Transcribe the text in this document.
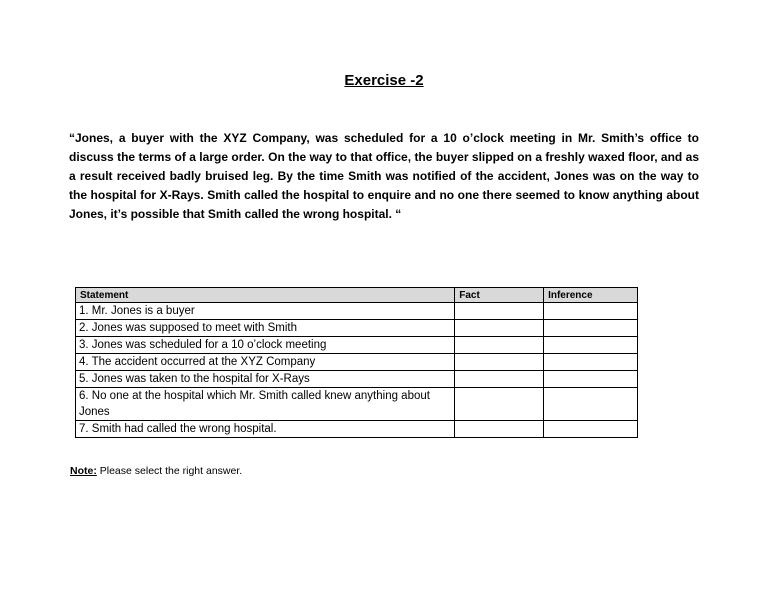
Exercise -2
“Jones, a buyer with the XYZ Company, was scheduled for a 10 o’clock meeting in Mr. Smith’s office to discuss the terms of a large order. On the way to that office, the buyer slipped on a freshly waxed floor, and as a result received badly bruised leg. By the time Smith was notified of the accident, Jones was on the way to the hospital for X-Rays. Smith called the hospital to enquire and no one there seemed to know anything about Jones, it’s possible that Smith called the wrong hospital. “
Statement	Fact	Inference
1. Mr. Jones is a buyer		
2. Jones was supposed to meet with Smith		
3. Jones was scheduled for a 10 o’clock meeting		
4. The accident occurred at the XYZ Company		
5. Jones was taken to the hospital for X-Rays		
6. No one at the hospital which Mr. Smith called knew anything about Jones		
7. Smith had called the wrong hospital.		
Note: Please select the right answer.
